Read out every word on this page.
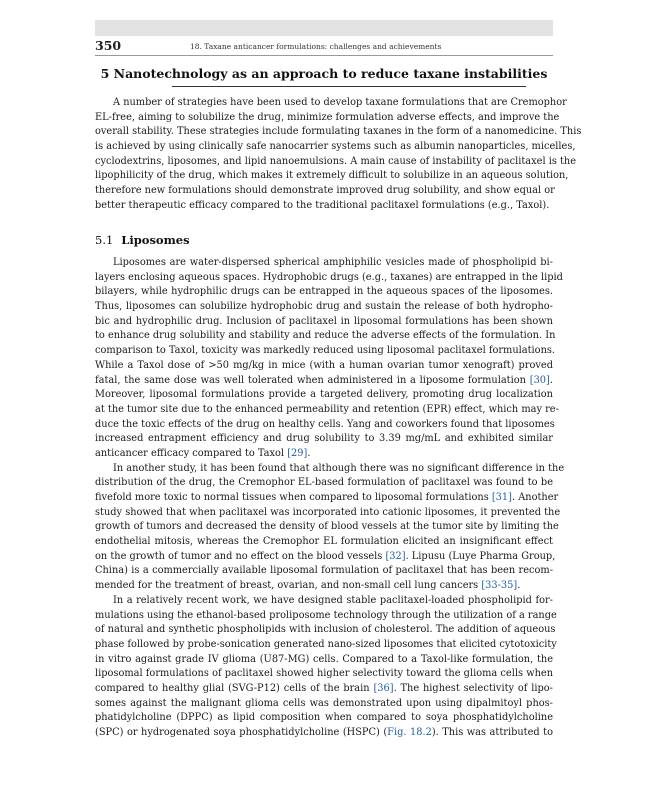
350	18. Taxane anticancer formulations: challenges and achievements
5 Nanotechnology as an approach to reduce taxane instabilities
A number of strategies have been used to develop taxane formulations that are Cremophor
EL-free, aiming to solubilize the drug, minimize formulation adverse effects, and improve the
overall stability. These strategies include formulating taxanes in the form of a nanomedicine. This
is achieved by using clinically safe nanocarrier systems such as albumin nanoparticles, micelles,
cyclodextrins, liposomes, and lipid nanoemulsions. A main cause of instability of paclitaxel is the
lipophilicity of the drug, which makes it extremely difficult to solubilize in an aqueous solution,
therefore new formulations should demonstrate improved drug solubility, and show equal or
better therapeutic efficacy compared to the traditional paclitaxel formulations (e.g., Taxol).
5.1 Liposomes
Liposomes are water-dispersed spherical amphiphilic vesicles made of phospholipid bi-
layers enclosing aqueous spaces. Hydrophobic drugs (e.g., taxanes) are entrapped in the lipid
bilayers, while hydrophilic drugs can be entrapped in the aqueous spaces of the liposomes.
Thus, liposomes can solubilize hydrophobic drug and sustain the release of both hydropho-
bic and hydrophilic drug. Inclusion of paclitaxel in liposomal formulations has been shown
to enhance drug solubility and stability and reduce the adverse effects of the formulation. In
comparison to Taxol, toxicity was markedly reduced using liposomal paclitaxel formulations.
While a Taxol dose of >50 mg/kg in mice (with a human ovarian tumor xenograft) proved
fatal, the same dose was well tolerated when administered in a liposome formulation [30].
Moreover, liposomal formulations provide a targeted delivery, promoting drug localization
at the tumor site due to the enhanced permeability and retention (EPR) effect, which may re-
duce the toxic effects of the drug on healthy cells. Yang and coworkers found that liposomes
increased entrapment efficiency and drug solubility to 3.39 mg/mL and exhibited similar
anticancer efficacy compared to Taxol [29].
In another study, it has been found that although there was no significant difference in the
distribution of the drug, the Cremophor EL-based formulation of paclitaxel was found to be
fivefold more toxic to normal tissues when compared to liposomal formulations [31]. Another
study showed that when paclitaxel was incorporated into cationic liposomes, it prevented the
growth of tumors and decreased the density of blood vessels at the tumor site by limiting the
endothelial mitosis, whereas the Cremophor EL formulation elicited an insignificant effect
on the growth of tumor and no effect on the blood vessels [32]. Lipusu (Luye Pharma Group,
China) is a commercially available liposomal formulation of paclitaxel that has been recom-
mended for the treatment of breast, ovarian, and non-small cell lung cancers [33-35].
In a relatively recent work, we have designed stable paclitaxel-loaded phospholipid for-
mulations using the ethanol-based proliposome technology through the utilization of a range
of natural and synthetic phospholipids with inclusion of cholesterol. The addition of aqueous
phase followed by probe-sonication generated nano-sized liposomes that elicited cytotoxicity
in vitro against grade IV glioma (U87-MG) cells. Compared to a Taxol-like formulation, the
liposomal formulations of paclitaxel showed higher selectivity toward the glioma cells when
compared to healthy glial (SVG-P12) cells of the brain [36]. The highest selectivity of lipo-
somes against the malignant glioma cells was demonstrated upon using dipalmitoyl phos-
phatidylcholine (DPPC) as lipid composition when compared to soya phosphatidylcholine
(SPC) or hydrogenated soya phosphatidylcholine (HSPC) (Fig. 18.2). This was attributed to
